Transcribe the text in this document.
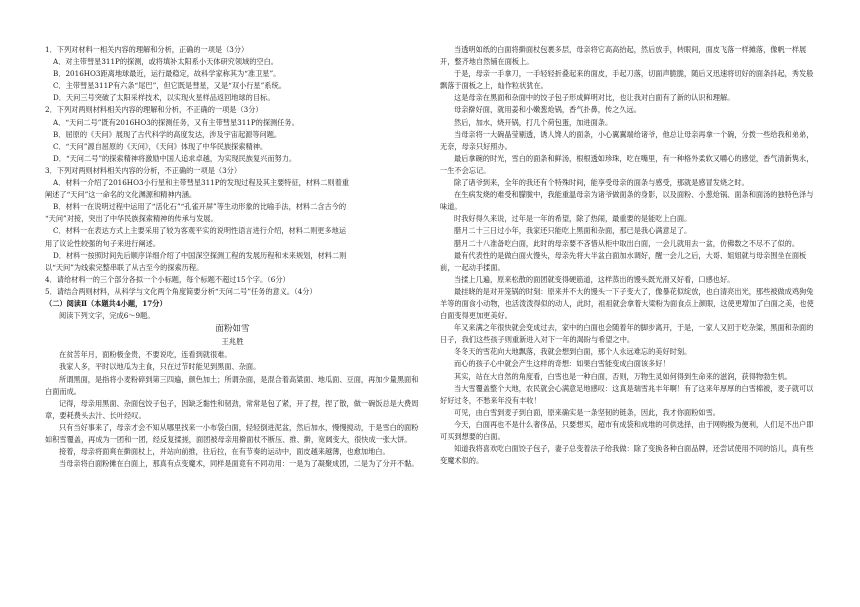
1．下列对材料一相关内容的理解和分析，正确的一项是（3分）
A．对主带彗星311P的探测，或将填补太阳系小天体研究领域的空白。
B．2016HO3距离地球最近，运行最稳定，故科学家称其为“准卫星”。
C．主带彗星311P有六条“尾巴”，但它既是彗星，又是“双小行星”系统。
D．天问三号突破了太阳采样技术，以实现火星样品返回地球的目标。
2．下列对两则材料相关内容的理解和分析，不正确的一项是（3分）
A．“天问二号”既有2016HO3的探测任务，又有主带彗星311P的探测任务。
B．屈原的《天问》展现了古代科学的高度发达，涉及宇宙起源等问题。
C．“天问”源自屈原的《天问》，《天问》体现了中华民族探索精神。
D．“天问二号”的探索精神将激励中国人追求卓越，为实现民族复兴而努力。
3．下列对两则材料相关内容的分析，不正确的一项是（3分）
A．材料一介绍了2016HO3小行星和主带彗星311P的发现过程及其主要特征，材料二则着重
阐述了“天问”这一命名的文化渊源和精神内涵。
B．材料一在说明过程中运用了“活化石”“孔雀开屏”等生动形象的比喻手法，材料二含古今的
“天问”对接，突出了中华民族探索精神的传承与发展。
C．材料一在表达方式上主要采用了较为客观平实的说明性语言进行介绍，材料二则更多地运
用了议论性较强的句子来进行阐述。
D．材料一按照时间先后顺序详细介绍了中国深空探测工程的发展历程和未来规划，材料二则
以“天问”为线索完整串联了从古至今的探索历程。
4．请给材料一的三个部分各拟一个小标题，每个标题不超过15个字。（6分）
5．请结合两则材料，从科学与文化两个角度简要分析“天问二号”任务的意义。（4分）
（二）阅读Ⅱ（本题共4小题，17分）
阅读下列文字，完成6～9题。
面粉如雪
王兆胜
在贫苦年月，面粉极金贵，不要说吃，连看到就很难。
我家人多，平时以地瓜为主食，只在过节时能见到黑面、杂面。
所谓黑面，是指将小麦粉碎到第三四遍，颜色加土；所谓杂面，是混合着高粱面、地瓜面、豆面，再加少量黑面和白面而成。
记得，母亲用黑面、杂面包饺子包子，因缺乏黏性和韧劲，常常是包了紧，开了捏，捏了散，做一碗饭总是大费周章，要耗费头去汁、长叶经叹。
只有当好事来了，母亲才会不知从哪里找来一小布袋白面，轻轻倒进泥盆，然后加水，慢慢搅动，于是雪白的面粉如积雪覆盖，再成为一团和一团，经反复揉搓，面团被母亲用擀面杖不断压、推、擀，宽阔变大，很快成一张大饼。
接着，母亲将面爽在擀面杖上，并站向前推，往后拉，在有节奏的运动中，面皮越来越薄，也愈加地白。
当母亲将白面粉摊在白面上，那真有点变魔术，同样是面竟有不同功用：一是为了凝聚成团，二是为了分开不黏。
当透明如纸的白面将擀面杖包裹多层，母亲将它高高抬起，然后放手，转眼间，面皮飞落一样摊落，像帆一样展开，整齐地自然铺在面板上。
于是，母亲一手拿刀，一手轻轻折叠起来的面皮，手起刀落，切面声脆脆，随后又迅速将切好的面条抖起，秀发般飘落于面板之上，灿作粒状犹在。
这是母亲在黑面和杂面中的饺子包子形成鲜明对比，也让我对白面有了新的认识和理解。
母亲擀好面，就用姜和小嫩葱炝锅，香气扑鼻，传之久远。
然后，加水，烧开锅，打几个荷包蛋，加进面条。
当母亲将一大碗晶莹剔透，诱人馋人的面条，小心翼翼端给诸爷，他总让母亲再拿一个碗，分拨一些给我和弟弟，无奈，母亲只好照办。
最后拿碗的时光，雪白的面条和鲜汤，根根透如珍珠，吃在嘴里，有一种格外柔软又嚼心的感觉，香气清新隽永，一生不会忘记。
除了诸爷到来，全年的我还有个特殊时间，能享受母亲的面条与感受，那就是感冒发烧之时。
在生病发烧的难受和朦胧中，我能重温母亲为诸爷做面条的身影，以及面粉、小葱炝锅、面条和面汤的独特色泽与味道。
时我好得久来说，过年是一年的希望，除了热闹，最重要的是能吃上白面。
腊月二十三日过小年，我家还只能吃上黑面和杂面，那已是我心满意足了。
腊月二十八准备吃白面，此时的母亲要不吝惜从柜中取出白面，一会儿就用去一盆，仿佛数之不尽不了似的。
最有代表性的是做白面火馒头，母亲先将大半盆白面加水调好，醒一会儿之后，大哥、姐姐就与母亲围坐在面板前，一起动手揉面。
当揉上几遍，原来松散的面团就变得硬筋道，这样蒸出的馒头既光滑又好看，口感也好。
最挂晓的是对开笼锅的时刻：原来并不大的馒头一下子变大了，像暴花似绽放，也白清亮出光，那些被做成鸡狗兔羊等的面食小动物，也活泼泼得似的动人，此时，祖祖就会拿着大梁粉为面食点上颜眼，这使更增加了白面之美，也使白面变得更加更美好。
年又来满之年很快就会变成过去，家中的白面也会随着年的脚步离开，于是，一家人又回于吃杂粱，黑面和杂面的日子，我们这些孩子则重新进入对下一年的渴盼与希望之中。
冬冬天的雪花向大地飘落，我就会想到白面，那个人永远难忘的美好时刻。
而心的孩子心中就会产生这样的奇想：如果白雪能变成白面该多好！
其实，站在大自然的角度看，白雪也是一种白面，否则，万物生灵如何得到生命来的滋润，获得物勃生机。
当大雪覆盖整个大地，农民就会心满意足地感叹：这真是瑞雪兆丰年啊！有了这来年厚厚的白雪棉被，麦子就可以好好过冬，不愁来年没有丰收！
可见，由白雪到麦子到白面，原来确实是一条坚韧的链条，因此，我才你面粉如雪。
今天，白面再也不是什么奢侈品，只要想买，超市有成袋和成堆的可供选择，由于网购极为便利，人们足不出户即可买到想要的白面。
知道我将喜欢吃白面饺子包子，妻子总变着法子给我做：除了变换各种白面品牌，还尝试使用不同的馅儿，真有些变魔术似的。
